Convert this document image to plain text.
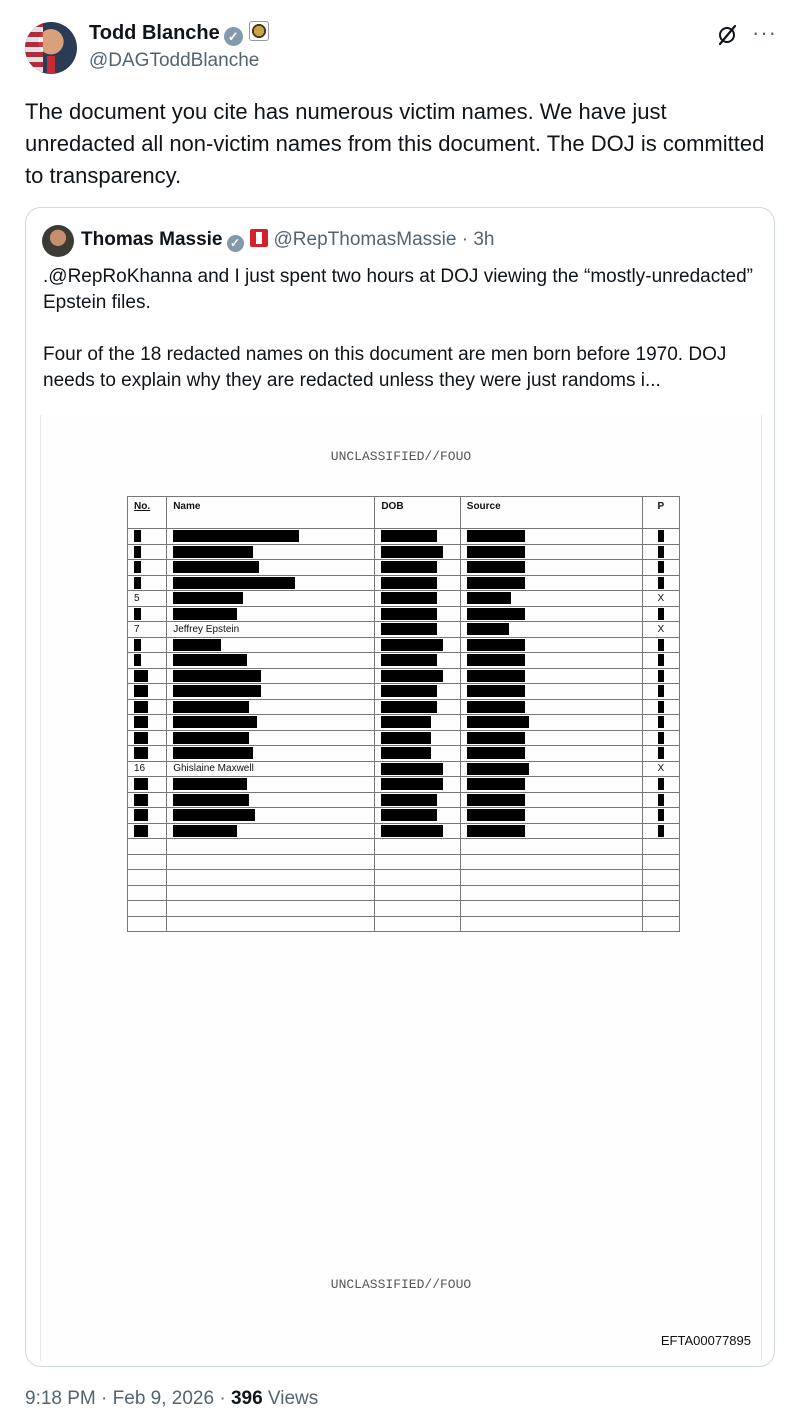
Todd Blanche ✓
@DAGToddBlanche
···
The document you cite has numerous victim names. We have just unredacted all non-victim names from this document. The DOJ is committed to transparency.
Thomas Massie ✓ @RepThomasMassie · 3h

.@RepRoKhanna and I just spent two hours at DOJ viewing the “mostly-unredacted” Epstein files.

Four of the 18 redacted names on this document are men born before 1970. DOJ needs to explain why they are redacted unless they were just randoms i...

UNCLASSIFIED//FOUO
No.	Name	DOB	Source	P

5				X

7	Jeffrey Epstein			X

16	Ghislaine Maxwell			X

UNCLASSIFIED//FOUO
EFTA00077895
9:18 PM · Feb 9, 2026 · 396 Views
